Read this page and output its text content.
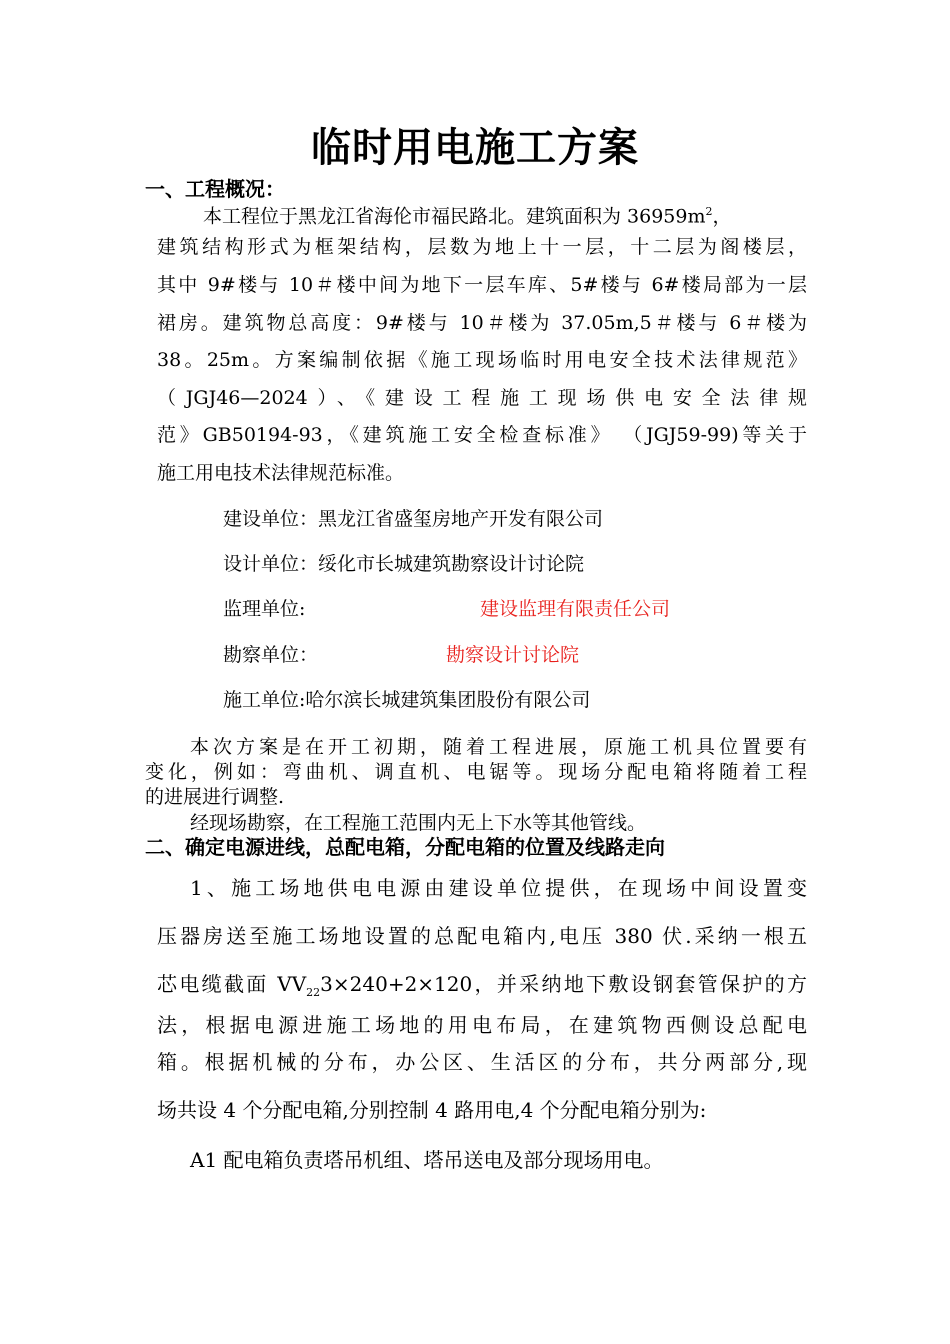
临时用电施工方案
一、工程概况：
本工程位于黑龙江省海伦市福民路北。建筑面积为 $36959m^2$，
建筑结构形式为框架结构，层数为地上十一层，十二层为阁楼层，
其中 9#楼与 10＃楼中间为地下一层车库、5#楼与 6#楼局部为一层
裙房。建筑物总高度：9#楼与 10＃楼为 37.05m,5＃楼与 6＃楼为
38。25m。方案编制依据《施工现场临时用电安全技术法律规范》
（JGJ46—2024）、《建设工程施工现场供电安全法律规
范》GB50194-93，《建筑施工安全检查标准》 （JGJ59-99)等关于
施工用电技术法律规范标准。
建设单位：黑龙江省盛玺房地产开发有限公司
设计单位：绥化市长城建筑勘察设计讨论院
监理单位:	建设监理有限责任公司
勘察单位：	勘察设计讨论院
施工单位:哈尔滨长城建筑集团股份有限公司
本次方案是在开工初期，随着工程进展，原施工机具位置要有
变化，例如：弯曲机、调直机、电锯等。现场分配电箱将随着工程
的进展进行调整.
经现场勘察，在工程施工范围内无上下水等其他管线。
二、确定电源进线，总配电箱，分配电箱的位置及线路走向
1、施工场地供电电源由建设单位提供，在现场中间设置变
压器房送至施工场地设置的总配电箱内,电压 380 伏.采纳一根五
芯电缆截面 $VV_{22}3\times 240+2\times 120$，并采纳地下敷设钢套管保护的方
法，根据电源进施工场地的用电布局，在建筑物西侧设总配电
箱。根据机械的分布，办公区、生活区的分布，共分两部分,现
场共设 4 个分配电箱,分别控制 4 路用电,4 个分配电箱分别为:
A1 配电箱负责塔吊机组、塔吊送电及部分现场用电。
